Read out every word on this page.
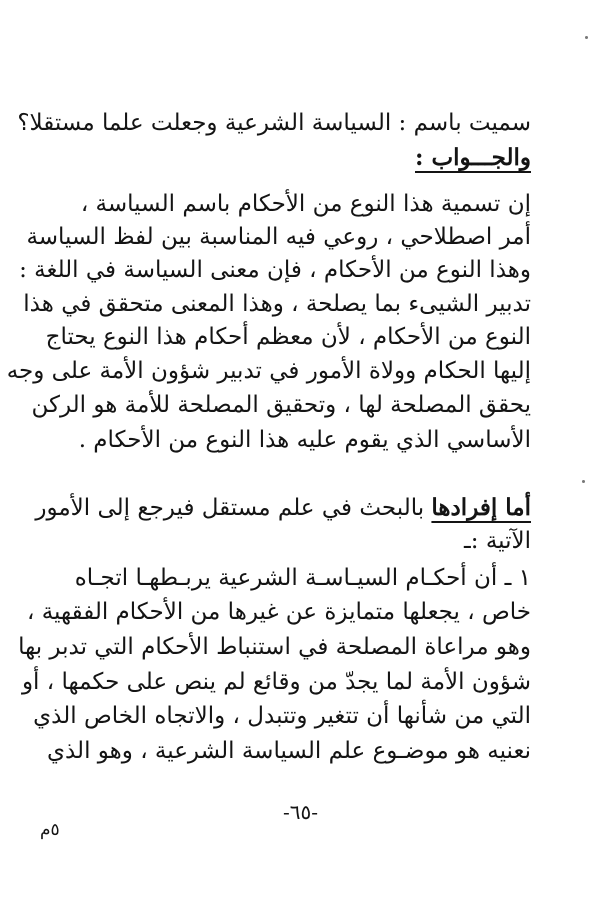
سميت باسم : السياسة الشرعية وجعلت علما مستقلا؟
والجـــواب :
إن تسمية هذا النوع من الأحكام باسم السياسة ،
أمر اصطلاحي ، روعي فيه المناسبة بين لفظ السياسة
وهذا النوع من الأحكام ، فإن معنى السياسة في اللغة :
تدبير الشيىء بما يصلحة ، وهذا المعنى متحقق في هذا
النوع من الأحكام ، لأن معظم أحكام هذا النوع يحتاج
إليها الحكام وولاة الأمور في تدبير شؤون الأمة على وجه
يحقق المصلحة لها ، وتحقيق المصلحة للأمة هو الركن
الأساسي الذي يقوم عليه هذا النوع من الأحكام .
أما إفرادها بالبحث في علم مستقل فيرجع إلى الأمور
الآتية :ـ
١ ـ أن أحكـام السيـاسـة الشرعية يربـطهـا اتجـاه
خاص ، يجعلها متمايزة عن غيرها من الأحكام الفقهية ،
وهو مراعاة المصلحة في استنباط الأحكام التي تدبر بها
شؤون الأمة لما يجدّ من وقائع لم ينص على حكمها ، أو
التي من شأنها أن تتغير وتتبدل ، والاتجاه الخاص الذي
نعنيه هو موضـوع علم السياسة الشرعية ، وهو الذي
-٦٥-
٥م
